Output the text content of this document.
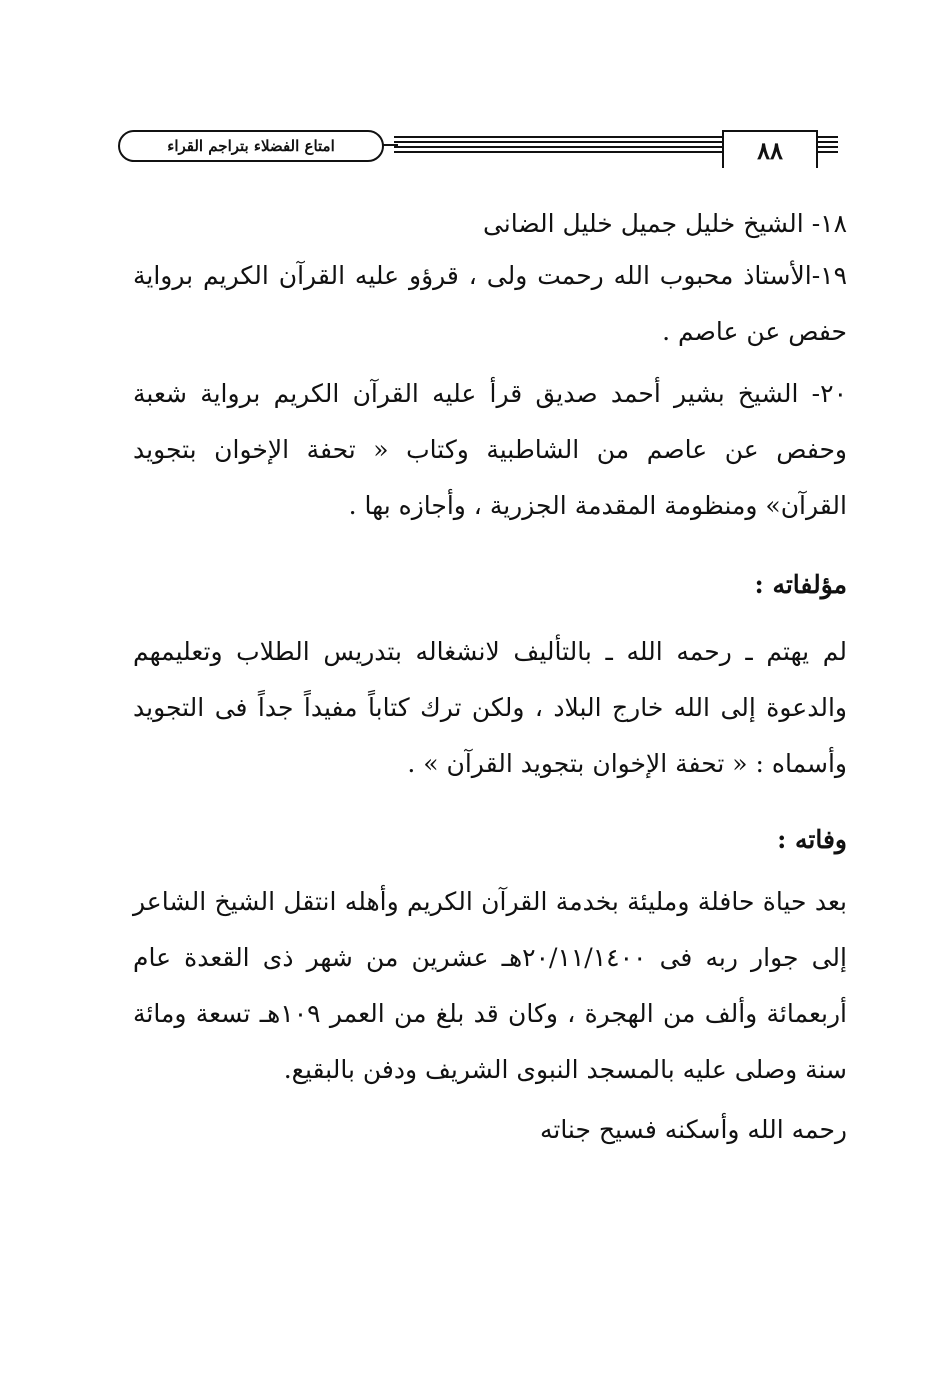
امتاع الفضلاء بتراجم القراء	٨٨
١٨- الشيخ خليل جميل خليل الضانى
١٩-الأستاذ محبوب الله رحمت ولى ، قرؤو عليه القرآن الكريم برواية حفص عن عاصم .
٢٠- الشيخ بشير أحمد صديق قرأ عليه القرآن الكريم برواية شعبة وحفص عن عاصم من الشاطبية وكتاب « تحفة الإخوان بتجويد القرآن» ومنظومة المقدمة الجزرية ، وأجازه بها .
مؤلفاته :
لم يهتم ـ رحمه الله ـ بالتأليف لانشغاله بتدريس الطلاب وتعليمهم والدعوة إلى الله خارج البلاد ، ولكن ترك كتاباً مفيداً جداً فى التجويد وأسماه : « تحفة الإخوان بتجويد القرآن » .
وفاته :
بعد حياة حافلة ومليئة بخدمة القرآن الكريم وأهله انتقل الشيخ الشاعر إلى جوار ربه فى ٢٠/١١/١٤٠٠هـ عشرين من شهر ذى القعدة عام أربعمائة وألف من الهجرة ، وكان قد بلغ من العمر ١٠٩هـ تسعة ومائة سنة وصلى عليه بالمسجد النبوى الشريف ودفن بالبقيع.
رحمه الله وأسكنه فسيح جناته
